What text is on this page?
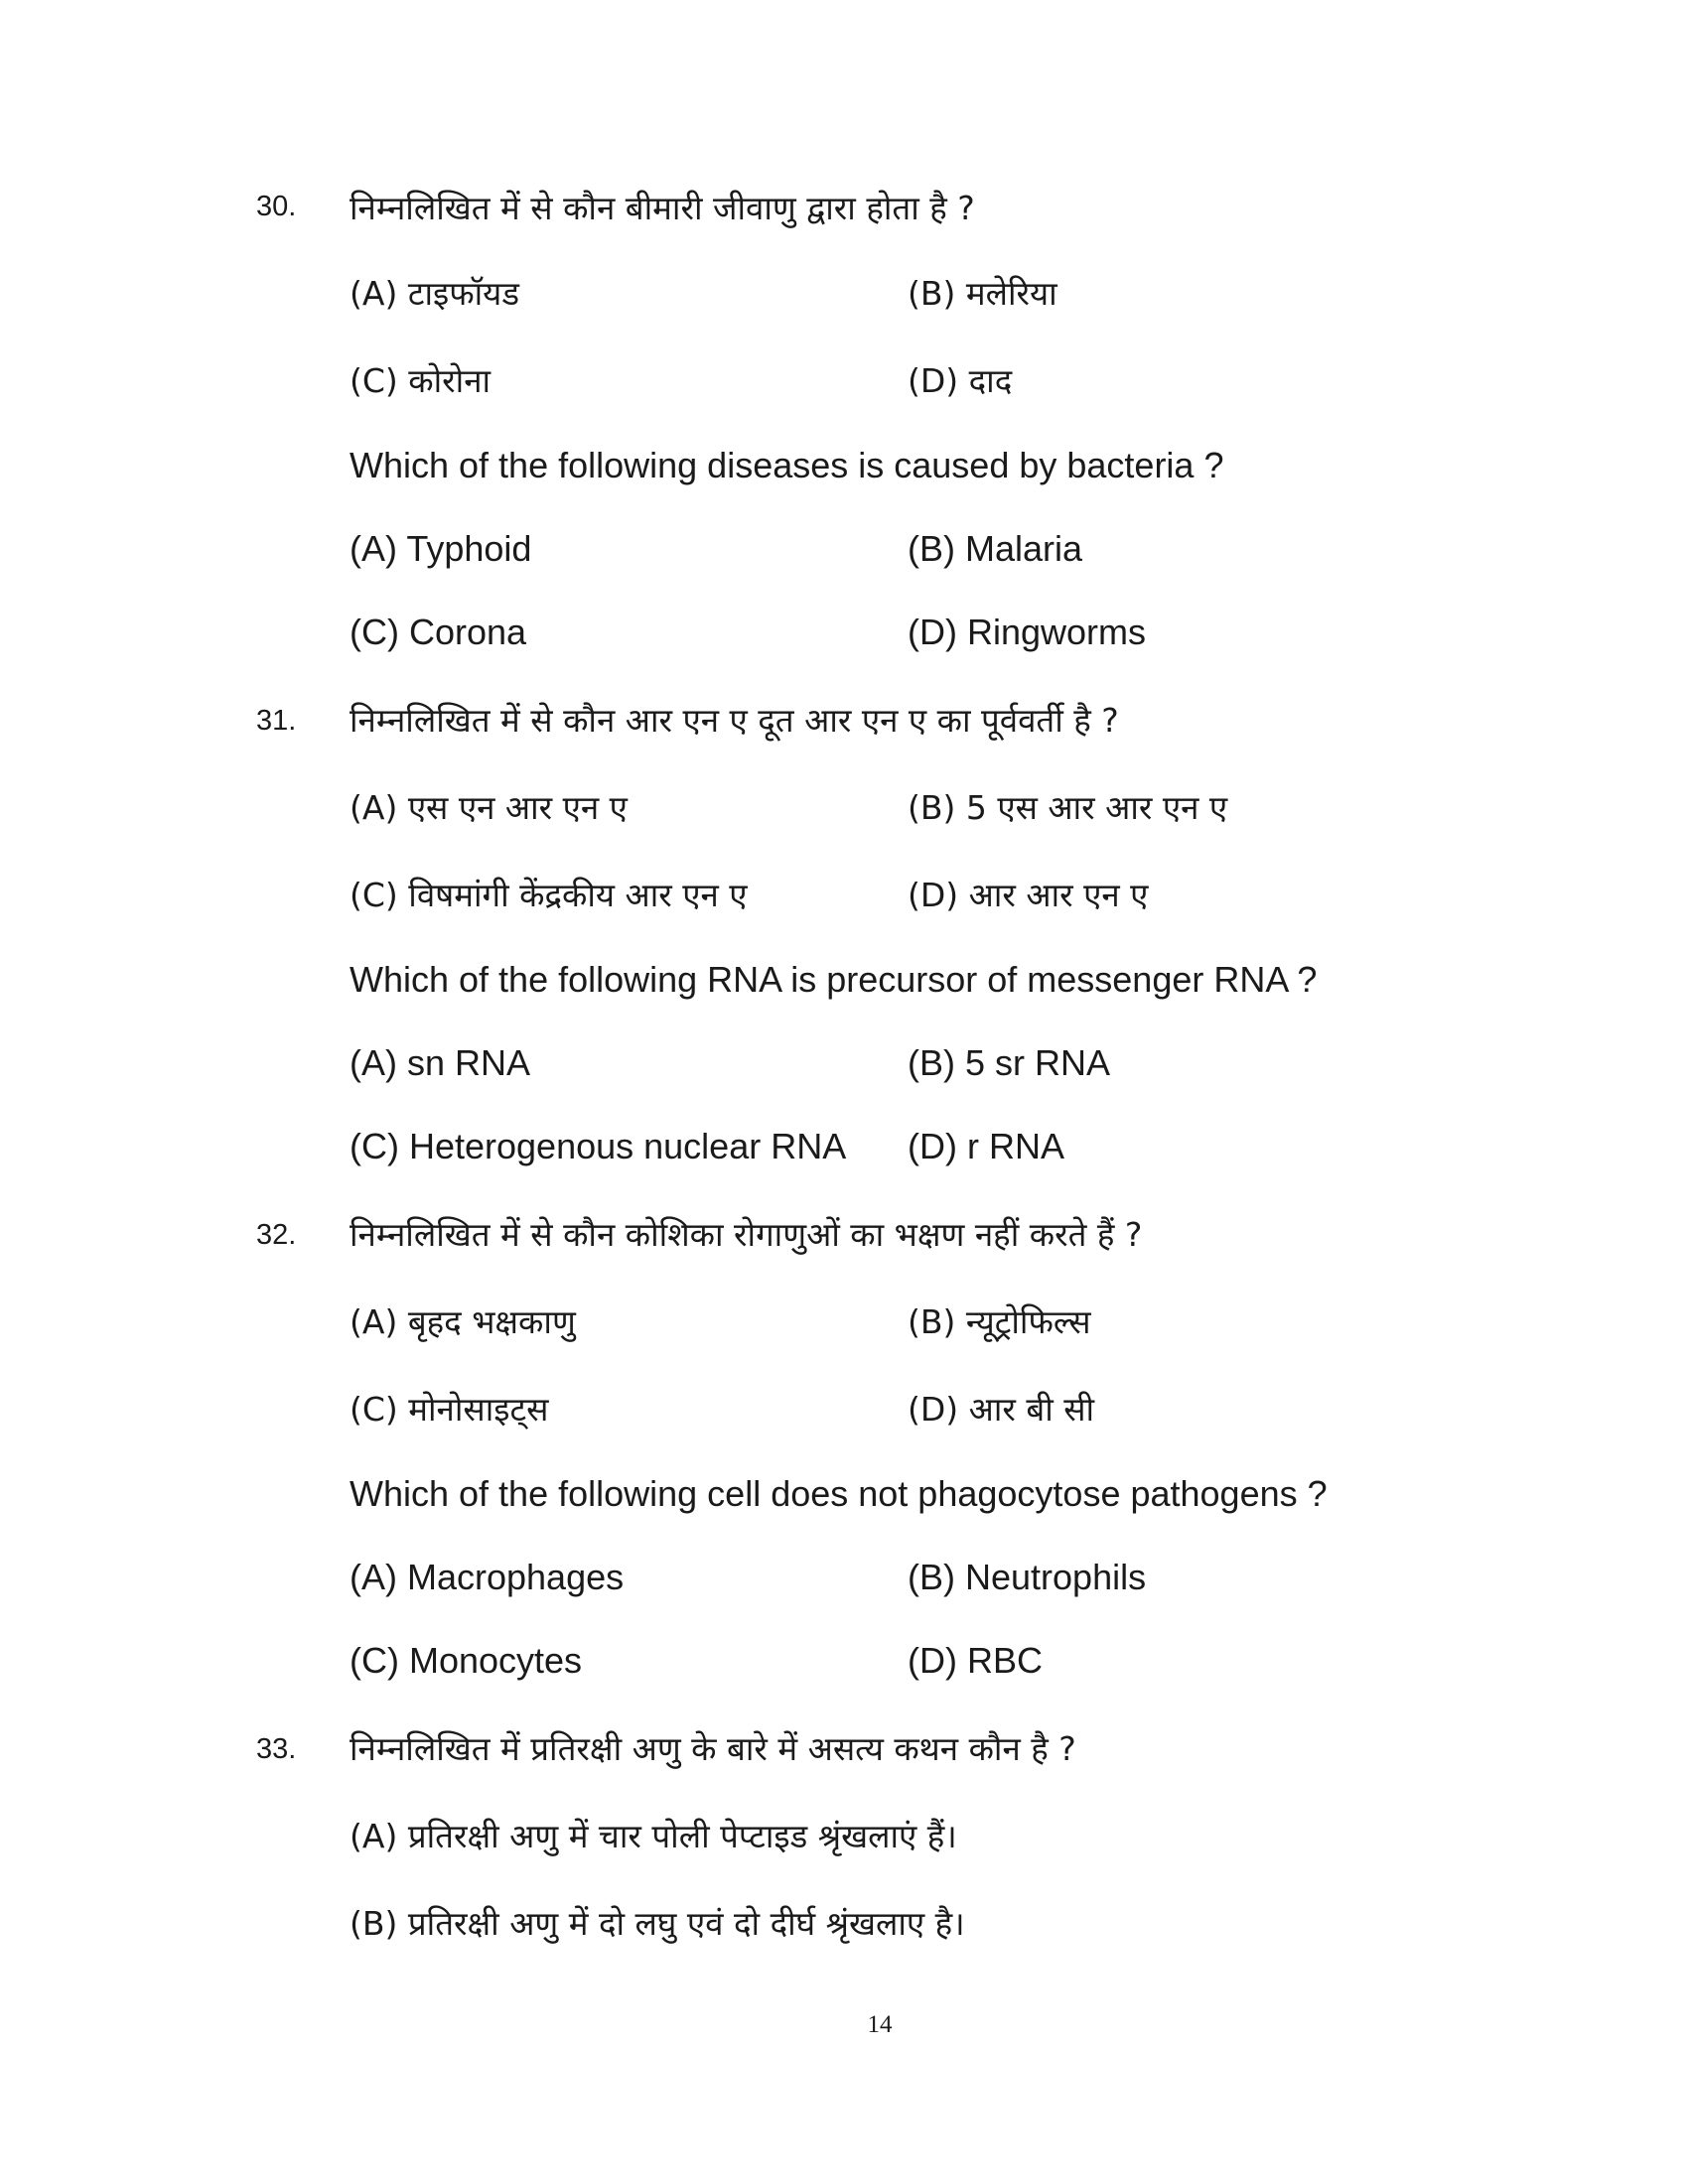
30. निम्नलिखित में से कौन बीमारी जीवाणु द्वारा होता है ?
(A) टाइफॉयड	(B) मलेरिया
(C) कोरोना	(D) दाद
Which of the following diseases is caused by bacteria ?
(A) Typhoid	(B) Malaria
(C) Corona	(D) Ringworms
31. निम्नलिखित में से कौन आर एन ए दूत आर एन ए का पूर्ववर्ती है ?
(A) एस एन आर एन ए	(B) 5 एस आर आर एन ए
(C) विषमांगी केंद्रकीय आर एन ए	(D) आर आर एन ए
Which of the following RNA is precursor of messenger RNA ?
(A) sn RNA	(B) 5 sr RNA
(C) Heterogenous nuclear RNA (D) r RNA
32. निम्नलिखित में से कौन कोशिका रोगाणुओं का भक्षण नहीं करते हैं ?
(A) बृहद भक्षकाणु	(B) न्यूट्रोफिल्स
(C) मोनोसाइट्स	(D) आर बी सी
Which of the following cell does not phagocytose pathogens ?
(A) Macrophages	(B) Neutrophils
(C) Monocytes	(D) RBC
33. निम्नलिखित में प्रतिरक्षी अणु के बारे में असत्य कथन कौन है ?
(A) प्रतिरक्षी अणु में चार पोली पेप्टाइड श्रृंखलाएं हैं।
(B) प्रतिरक्षी अणु में दो लघु एवं दो दीर्घ श्रृंखलाए है।
14
